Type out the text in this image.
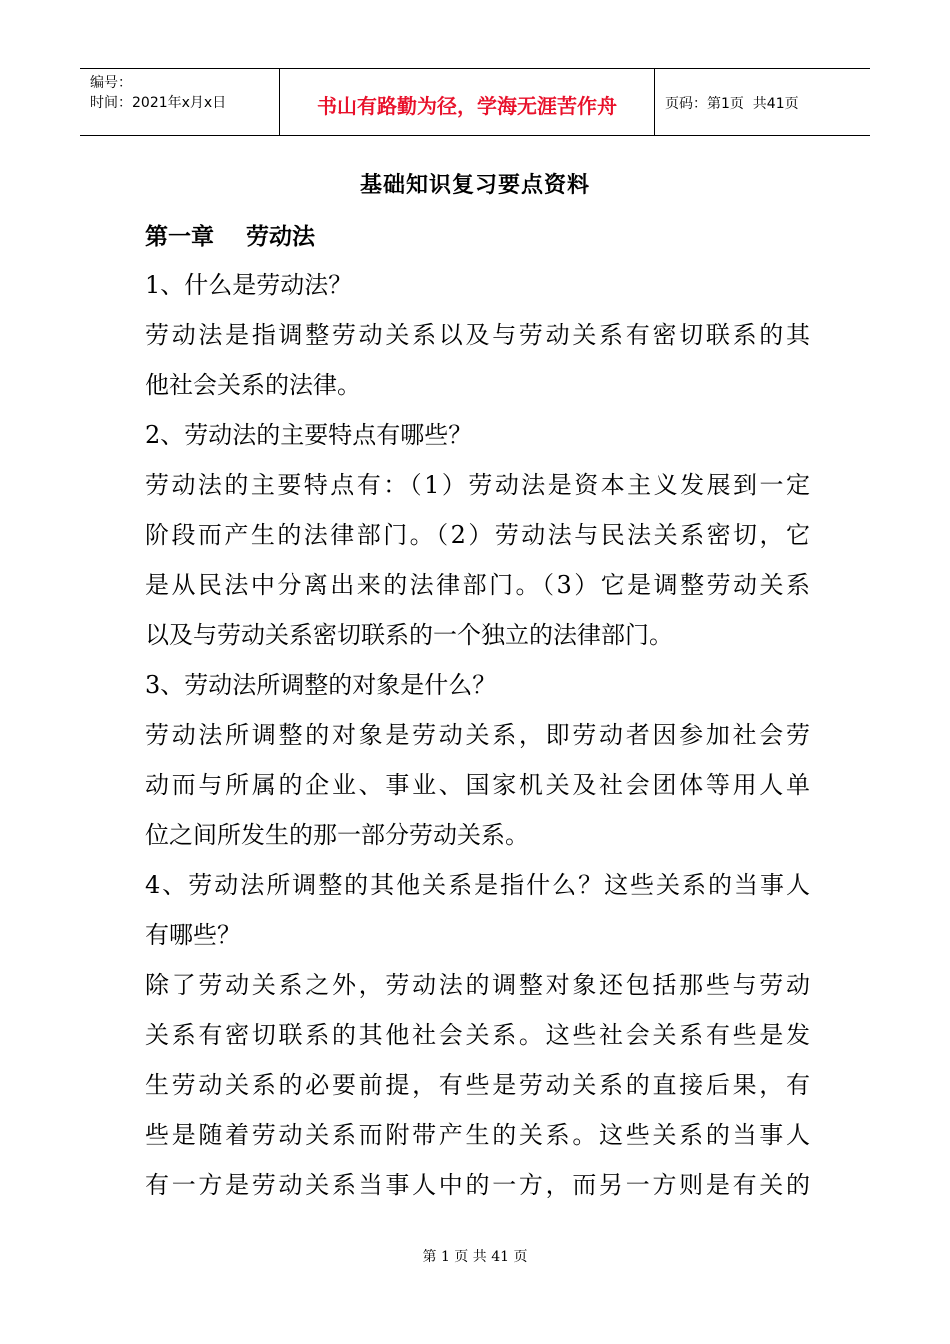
编号：
时间：2021年x月x日	书山有路勤为径，学海无涯苦作舟	页码：第1页  共41页
基础知识复习要点资料
第一章    劳动法
1、什么是劳动法？
劳动法是指调整劳动关系以及与劳动关系有密切联系的其
他社会关系的法律。
2、劳动法的主要特点有哪些？
劳动法的主要特点有：（1）劳动法是资本主义发展到一定
阶段而产生的法律部门。（2）劳动法与民法关系密切，它
是从民法中分离出来的法律部门。（3）它是调整劳动关系
以及与劳动关系密切联系的一个独立的法律部门。
3、劳动法所调整的对象是什么？
劳动法所调整的对象是劳动关系，即劳动者因参加社会劳
动而与所属的企业、事业、国家机关及社会团体等用人单
位之间所发生的那一部分劳动关系。
4、劳动法所调整的其他关系是指什么？这些关系的当事人
有哪些？
除了劳动关系之外，劳动法的调整对象还包括那些与劳动
关系有密切联系的其他社会关系。这些社会关系有些是发
生劳动关系的必要前提，有些是劳动关系的直接后果，有
些是随着劳动关系而附带产生的关系。这些关系的当事人
有一方是劳动关系当事人中的一方，而另一方则是有关的
第 1 页 共 41 页
